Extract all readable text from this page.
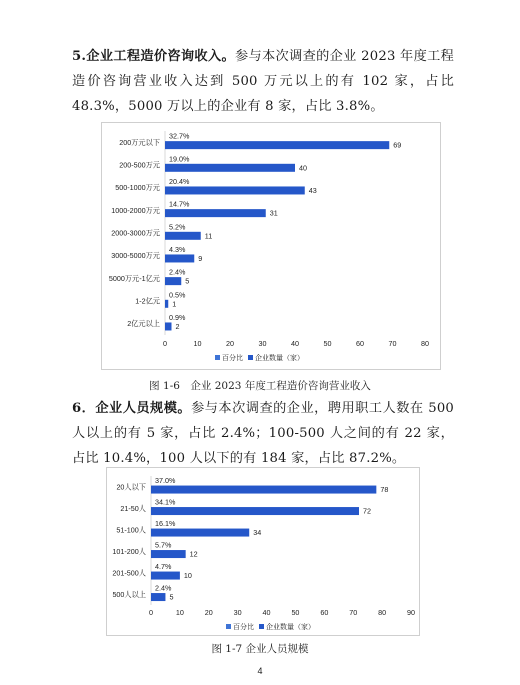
5.企业工程造价咨询收入。参与本次调查的企业 2023 年度工程造价咨询营业收入达到 500 万元以上的有 102 家，占比48.3%，5000 万以上的企业有 8 家，占比 3.8%。
200万元以下
32.7%
69
200-500万元
19.0%
40
500-1000万元
20.4%
43
1000-2000万元
14.7%
31
2000-3000万元
5.2%
11
3000-5000万元
4.3%
9
5000万元-1亿元
2.4%
5
1-2亿元
0.5%
1
2亿元以上
0.9%
2
0	10	20	30	40	50	60	70	80
百分比 企业数量（家）
图 1-6　企业 2023 年度工程造价咨询营业收入
6．企业人员规模。参与本次调查的企业，聘用职工人数在 500 人以上的有 5 家，占比 2.4%；100-500 人之间的有 22 家，占比 10.4%，100 人以下的有 184 家，占比 87.2%。
20人以下
37.0%
78
21-50人
34.1%
72
51-100人
16.1%
34
101-200人
5.7%
12
201-500人
4.7%
10
500人以上
2.4%
5
0	10	20	30	40	50	60	70	80	90
百分比 企业数量（家）
图 1-7 企业人员规模
4
